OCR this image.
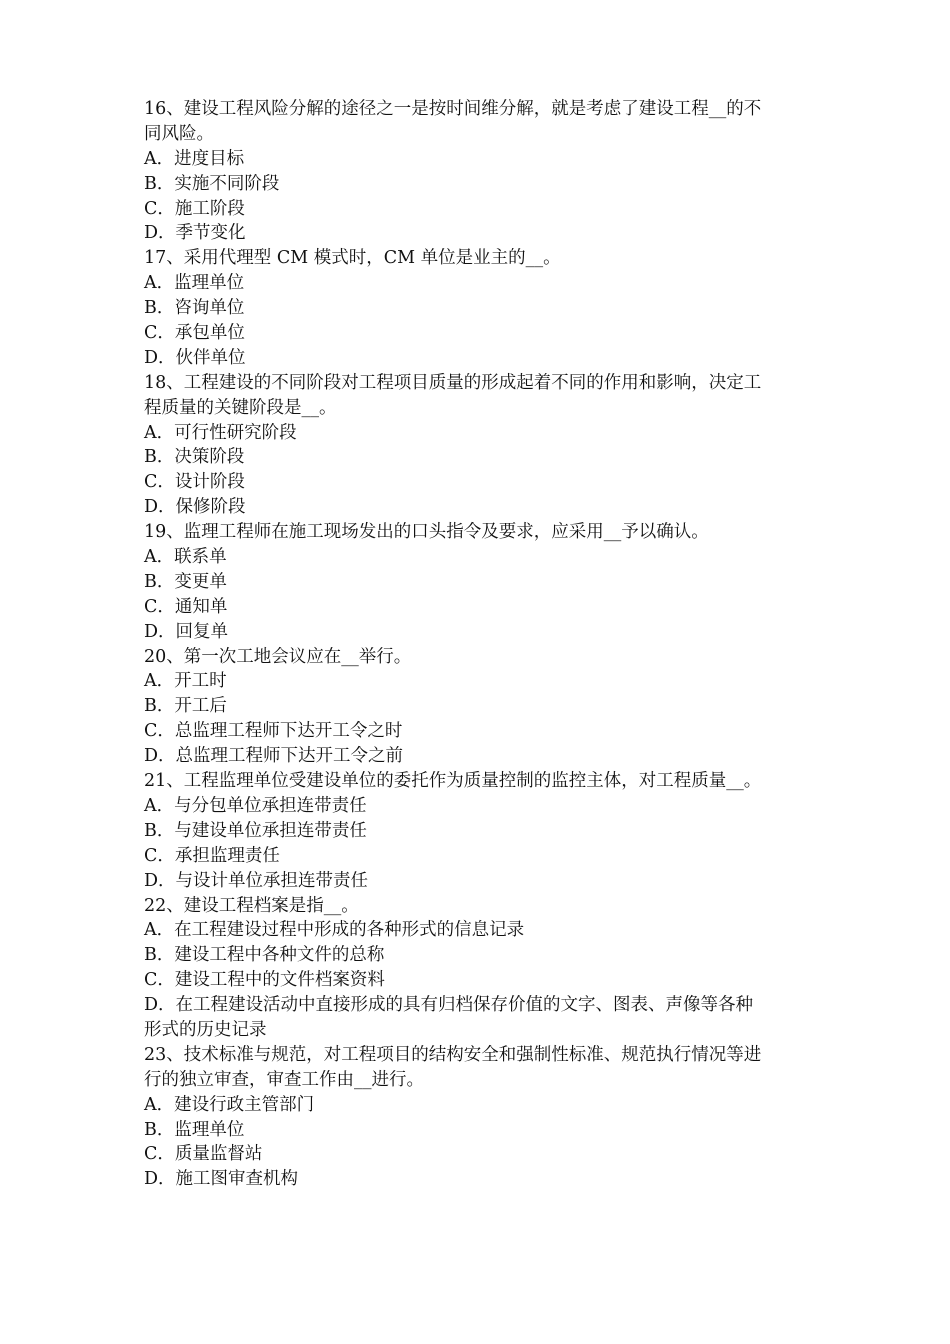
16、建设工程风险分解的途径之一是按时间维分解，就是考虑了建设工程__的不
同风险。
A．进度目标
B．实施不同阶段
C．施工阶段
D．季节变化
17、采用代理型 CM 模式时，CM 单位是业主的__。
A．监理单位
B．咨询单位
C．承包单位
D．伙伴单位
18、工程建设的不同阶段对工程项目质量的形成起着不同的作用和影响，决定工
程质量的关键阶段是__。
A．可行性研究阶段
B．决策阶段
C．设计阶段
D．保修阶段
19、监理工程师在施工现场发出的口头指令及要求，应采用__予以确认。
A．联系单
B．变更单
C．通知单
D．回复单
20、第一次工地会议应在__举行。
A．开工时
B．开工后
C．总监理工程师下达开工令之时
D．总监理工程师下达开工令之前
21、工程监理单位受建设单位的委托作为质量控制的监控主体，对工程质量__。
A．与分包单位承担连带责任
B．与建设单位承担连带责任
C．承担监理责任
D．与设计单位承担连带责任
22、建设工程档案是指__。
A．在工程建设过程中形成的各种形式的信息记录
B．建设工程中各种文件的总称
C．建设工程中的文件档案资料
D．在工程建设活动中直接形成的具有归档保存价值的文字、图表、声像等各种
形式的历史记录
23、技术标准与规范，对工程项目的结构安全和强制性标准、规范执行情况等进
行的独立审查，审查工作由__进行。
A．建设行政主管部门
B．监理单位
C．质量监督站
D．施工图审查机构
